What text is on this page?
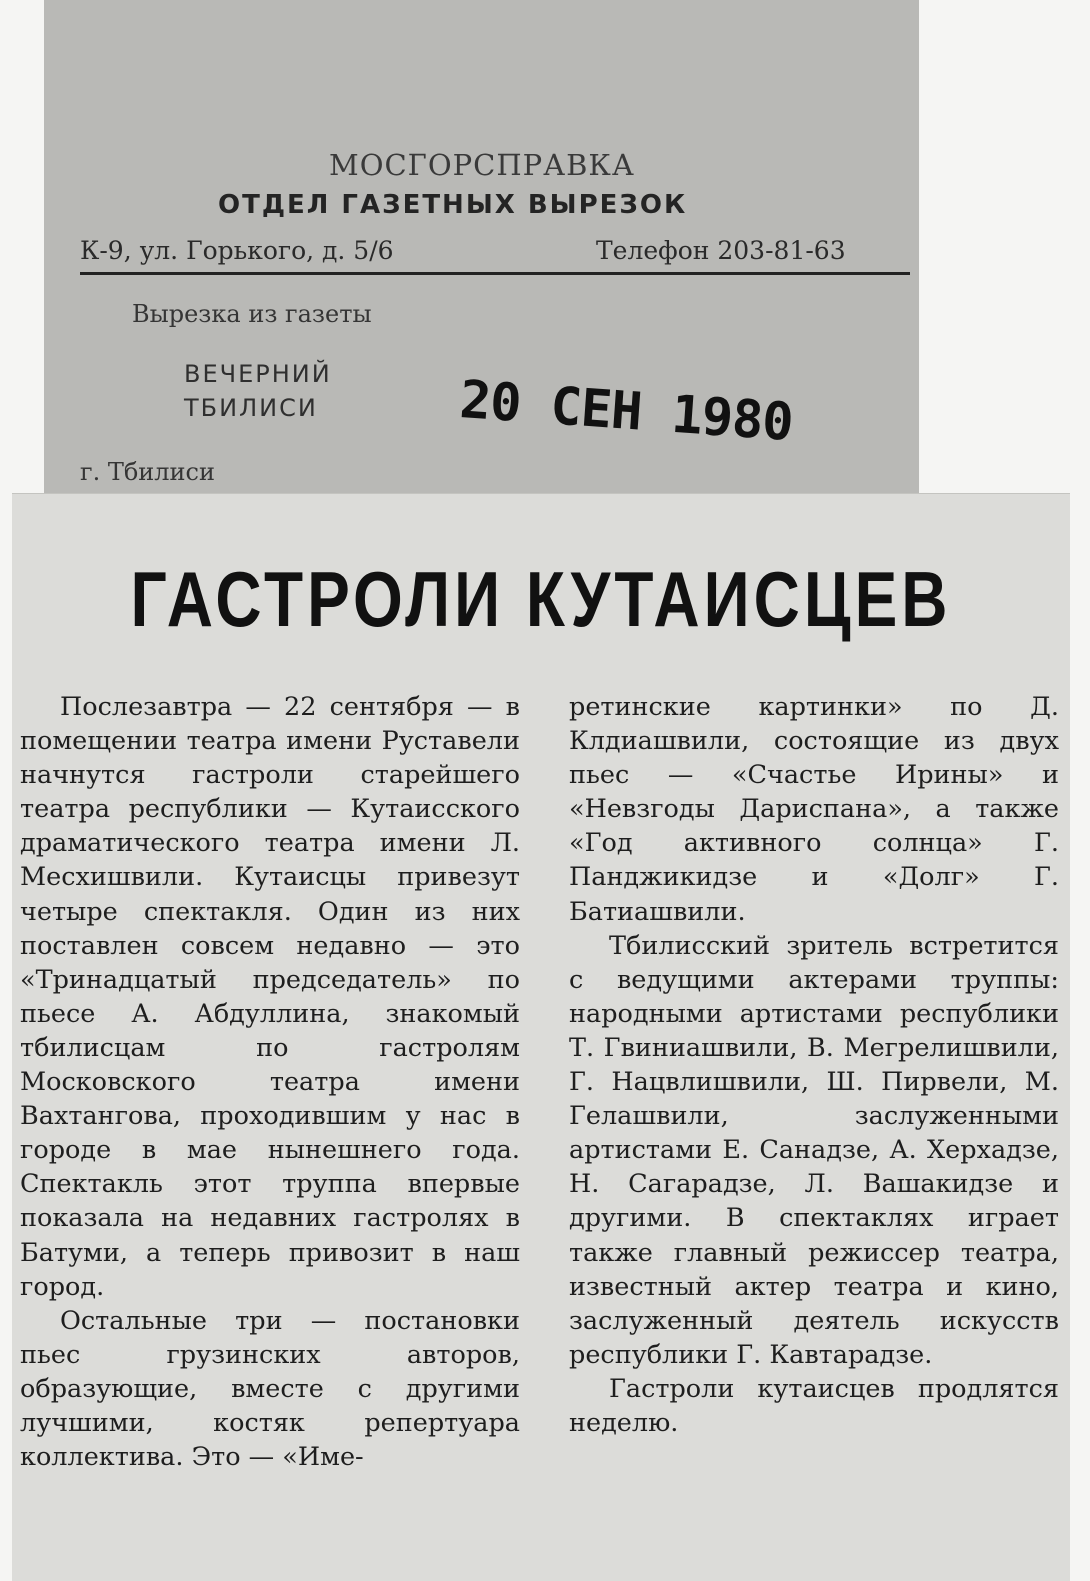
МОСГОРСПРАВКА
ОТДЕЛ ГАЗЕТНЫХ ВЫРЕЗОК
К-9, ул. Горького, д. 5/6	Телефон 203-81-63
Вырезка из газеты
ВЕЧЕРНИЙ
ТБИЛИСИ	20 СЕН 1980
г. Тбилиси
ГАСТРОЛИ КУТАИСЦЕВ

Послезавтра — 22 сентября — в помещении театра имени Руставели начнутся гастроли старейшего театра республики — Кутаисского драматического театра имени Л. Месхишвили. Кутаисцы привезут четыре спектакля. Один из них поставлен совсем недавно — это «Тринадцатый председатель» по пьесе А. Абдуллина, знакомый тбилисцам по гастролям Московского театра имени Вахтангова, проходившим у нас в городе в мае нынешнего года. Спектакль этот труппа впервые показала на недавних гастролях в Батуми, а теперь привозит в наш город.

Остальные три — постановки пьес грузинских авторов, образующие, вместе с другими лучшими, костяк репертуара коллектива. Это — «Име-

ретинские картинки» по Д. Клдиашвили, состоящие из двух пьес — «Счастье Ирины» и «Невзгоды Дариспана», а также «Год активного солнца» Г. Панджикидзе и «Долг» Г. Батиашвили.

Тбилисский зритель встретится с ведущими актерами труппы: народными артистами республики Т. Гвиниашвили, В. Мегрелишвили, Г. Нацвлишвили, Ш. Пирвели, М. Гелашвили, заслуженными артистами Е. Санадзе, А. Херхадзе, Н. Сагарадзе, Л. Вашакидзе и другими. В спектаклях играет также главный режиссер театра, известный актер театра и кино, заслуженный деятель искусств республики Г. Кавтарадзе.

Гастроли кутаисцев продлятся неделю.
